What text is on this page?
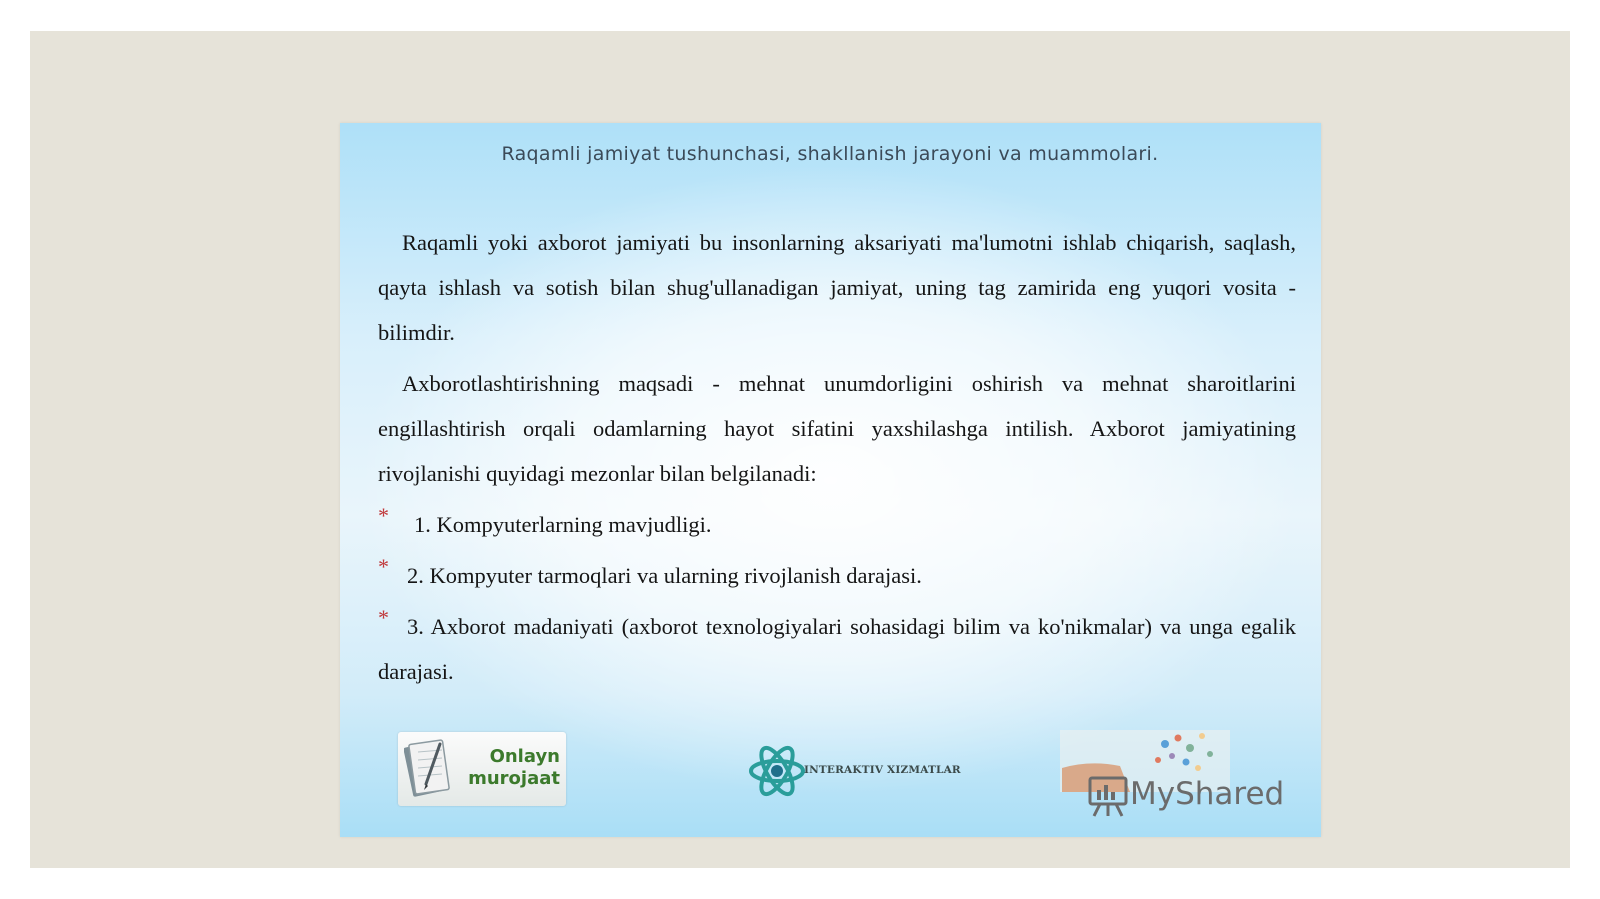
Raqamli jamiyat tushunchasi, shakllanish jarayoni va muammolari.

Raqamli yoki axborot jamiyati bu insonlarning aksariyati ma'lumotni ishlab chiqarish, saqlash, qayta ishlash va sotish bilan shug'ullanadigan jamiyat, uning tag zamirida eng yuqori vosita - bilimdir.

Axborotlashtirishning maqsadi - mehnat unumdorligini oshirish va mehnat sharoitlarini engillashtirish orqali odamlarning hayot sifatini yaxshilashga intilish. Axborot jamiyatining rivojlanishi quyidagi mezonlar bilan belgilanadi:

*	1. Kompyuterlarning mavjudligi.
* 2. Kompyuter tarmoqlari va ularning rivojlanish darajasi.
* 3. Axborot madaniyati (axborot texnologiyalari sohasidagi bilim va ko'nikmalar) va unga egalik darajasi.
Onlayn
murojaat	INTERAKTIV XIZMATLAR
MyShared
